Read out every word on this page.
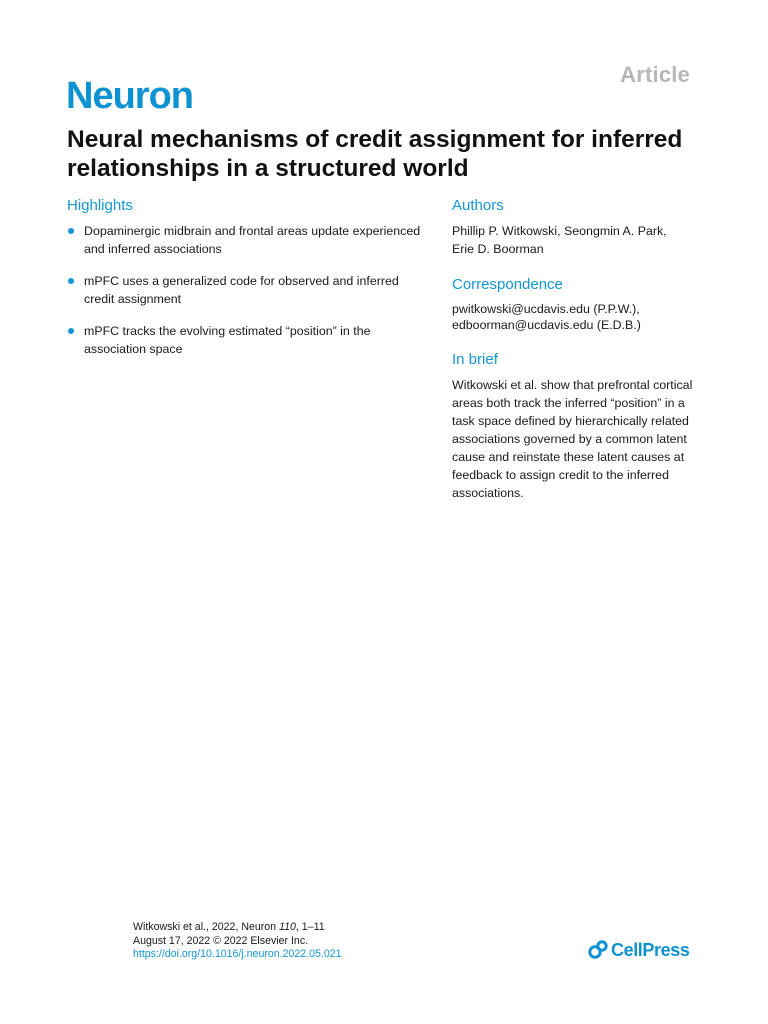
Article
Neuron
Neural mechanisms of credit assignment for inferred relationships in a structured world
Highlights
Dopaminergic midbrain and frontal areas update experienced and inferred associations
mPFC uses a generalized code for observed and inferred credit assignment
mPFC tracks the evolving estimated “position” in the association space
Authors

Phillip P. Witkowski, Seongmin A. Park,
Erie D. Boorman

Correspondence

pwitkowski@ucdavis.edu (P.P.W.),
edboorman@ucdavis.edu (E.D.B.)

In brief

Witkowski et al. show that prefrontal cortical areas both track the inferred “position” in a task space defined by hierarchically related associations governed by a common latent cause and reinstate these latent causes at feedback to assign credit to the inferred associations.

Witkowski et al., 2022, Neuron 110, 1–11
August 17, 2022 © 2022 Elsevier Inc.
https://doi.org/10.1016/j.neuron.2022.05.021	CellPress
